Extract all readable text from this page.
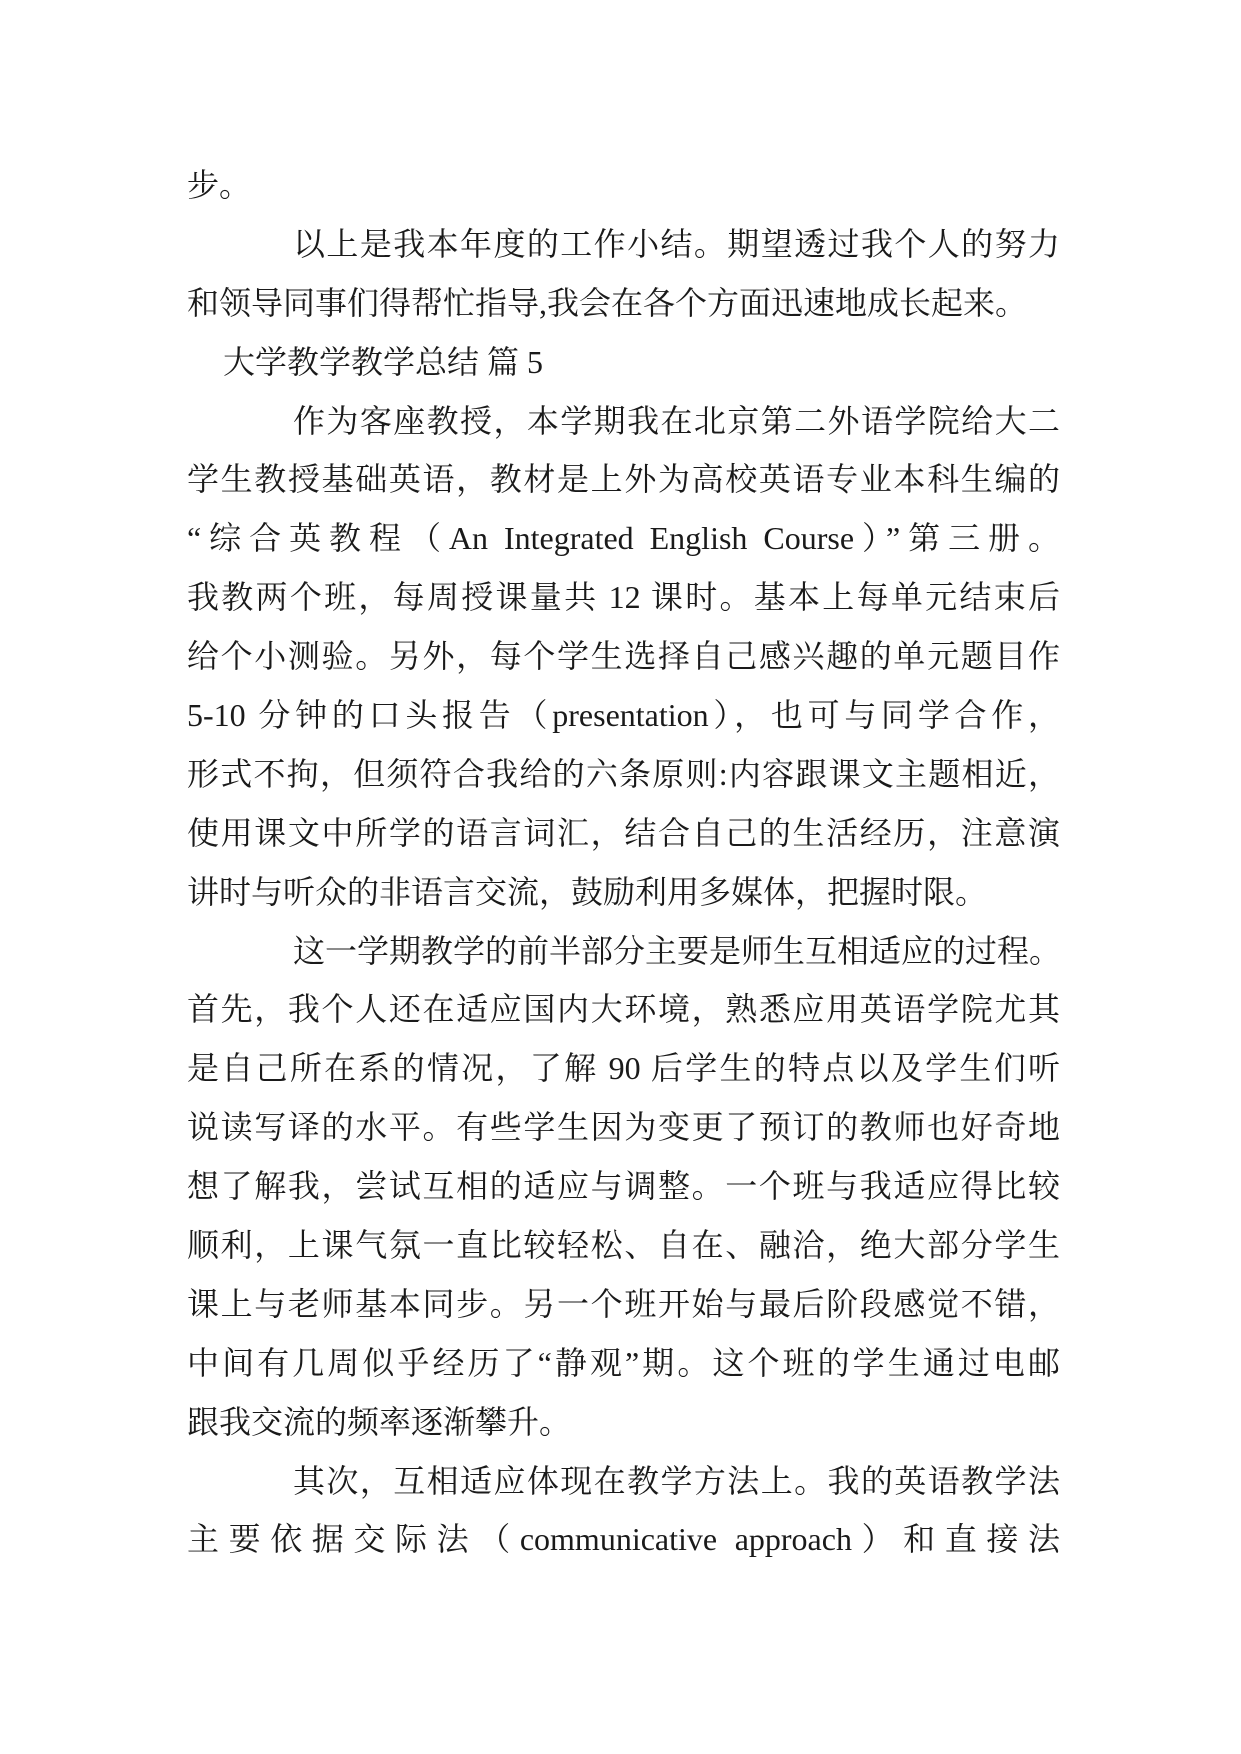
步。
以上是我本年度的工作小结。期望透过我个人的努力
和领导同事们得帮忙指导,我会在各个方面迅速地成长起来。
大学教学教学总结 篇 5
作为客座教授，本学期我在北京第二外语学院给大二
学生教授基础英语，教材是上外为高校英语专业本科生编的
“综合英教程（An Integrated English Course）”第三册。
我教两个班，每周授课量共 12 课时。基本上每单元结束后
给个小测验。另外，每个学生选择自己感兴趣的单元题目作
5-10 分钟的口头报告（presentation），也可与同学合作，
形式不拘，但须符合我给的六条原则:内容跟课文主题相近，
使用课文中所学的语言词汇，结合自己的生活经历，注意演
讲时与听众的非语言交流，鼓励利用多媒体，把握时限。
这一学期教学的前半部分主要是师生互相适应的过程。
首先，我个人还在适应国内大环境，熟悉应用英语学院尤其
是自己所在系的情况，了解 90 后学生的特点以及学生们听
说读写译的水平。有些学生因为变更了预订的教师也好奇地
想了解我，尝试互相的适应与调整。一个班与我适应得比较
顺利，上课气氛一直比较轻松、自在、融洽，绝大部分学生
课上与老师基本同步。另一个班开始与最后阶段感觉不错，
中间有几周似乎经历了“静观”期。这个班的学生通过电邮
跟我交流的频率逐渐攀升。
其次，互相适应体现在教学方法上。我的英语教学法
主要依据交际法（communicative approach）和直接法
